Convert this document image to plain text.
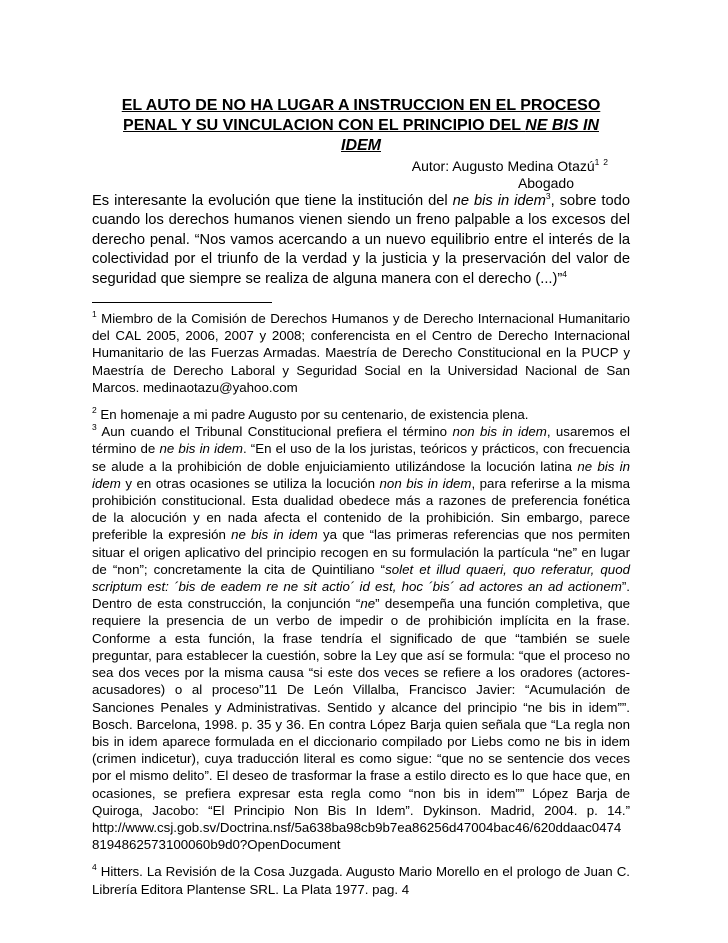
EL AUTO DE NO HA LUGAR A INSTRUCCION EN EL PROCESO
PENAL Y SU VINCULACION CON EL PRINCIPIO DEL NE BIS IN
IDEM
Autor: Augusto Medina Otazú$^1$ $^2$
Abogado

Es interesante la evolución que tiene la institución del ne bis in idem$^3$, sobre todo cuando los derechos humanos vienen siendo un freno palpable a los excesos del derecho penal. “Nos vamos acercando a un nuevo equilibrio entre el interés de la colectividad por el triunfo de la verdad y la justicia y la preservación del valor de seguridad que siempre se realiza de alguna manera con el derecho (...)”$^4$

$^1$ Miembro de la Comisión de Derechos Humanos y de Derecho Internacional Humanitario del CAL 2005, 2006, 2007 y 2008; conferencista en el Centro de Derecho Internacional Humanitario de las Fuerzas Armadas. Maestría de Derecho Constitucional en la PUCP y Maestría de Derecho Laboral y Seguridad Social en la Universidad Nacional de San Marcos. medinaotazu@yahoo.com

$^2$ En homenaje a mi padre Augusto por su centenario, de existencia plena.

$^3$ Aun cuando el Tribunal Constitucional prefiera el término non bis in idem, usaremos el término de ne bis in idem. “En el uso de la los juristas, teóricos y prácticos, con frecuencia se alude a la prohibición de doble enjuiciamiento utilizándose la locución latina ne bis in idem y en otras ocasiones se utiliza la locución non bis in idem, para referirse a la misma prohibición constitucional. Esta dualidad obedece más a razones de preferencia fonética de la alocución y en nada afecta el contenido de la prohibición. Sin embargo, parece preferible la expresión ne bis in idem ya que “las primeras referencias que nos permiten situar el origen aplicativo del principio recogen en su formulación la partícula “ne” en lugar de “non”; concretamente la cita de Quintiliano “solet et illud quaeri, quo referatur, quod scriptum est: ´bis de eadem re ne sit actio´ id est, hoc ´bis´ ad actores an ad actionem”. Dentro de esta construcción, la conjunción “ne” desempeña una función completiva, que requiere la presencia de un verbo de impedir o de prohibición implícita en la frase. Conforme a esta función, la frase tendría el significado de que “también se suele preguntar, para establecer la cuestión, sobre la Ley que así se formula: “que el proceso no sea dos veces por la misma causa “si este dos veces se refiere a los oradores (actores-acusadores) o al proceso”11 De León Villalba, Francisco Javier: “Acumulación de Sanciones Penales y Administrativas. Sentido y alcance del principio “ne bis in idem””. Bosch. Barcelona, 1998. p. 35 y 36. En contra López Barja quien señala que “La regla non bis in idem aparece formulada en el diccionario compilado por Liebs como ne bis in idem (crimen indicetur), cuya traducción literal es como sigue: “que no se sentencie dos veces por el mismo delito”. El deseo de trasformar la frase a estilo directo es lo que hace que, en ocasiones, se prefiera expresar esta regla como “non bis in idem”” López Barja de Quiroga, Jacobo: “El Principio Non Bis In Idem”. Dykinson. Madrid, 2004. p. 14.” http://www.csj.gob.sv/Doctrina.nsf/5a638ba98cb9b7ea86256d47004bac46/620ddaac0474 8194862573100060b9d0?OpenDocument

$^4$ Hitters. La Revisión de la Cosa Juzgada. Augusto Mario Morello en el prologo de Juan C. Librería Editora Plantense SRL. La Plata 1977. pag. 4
